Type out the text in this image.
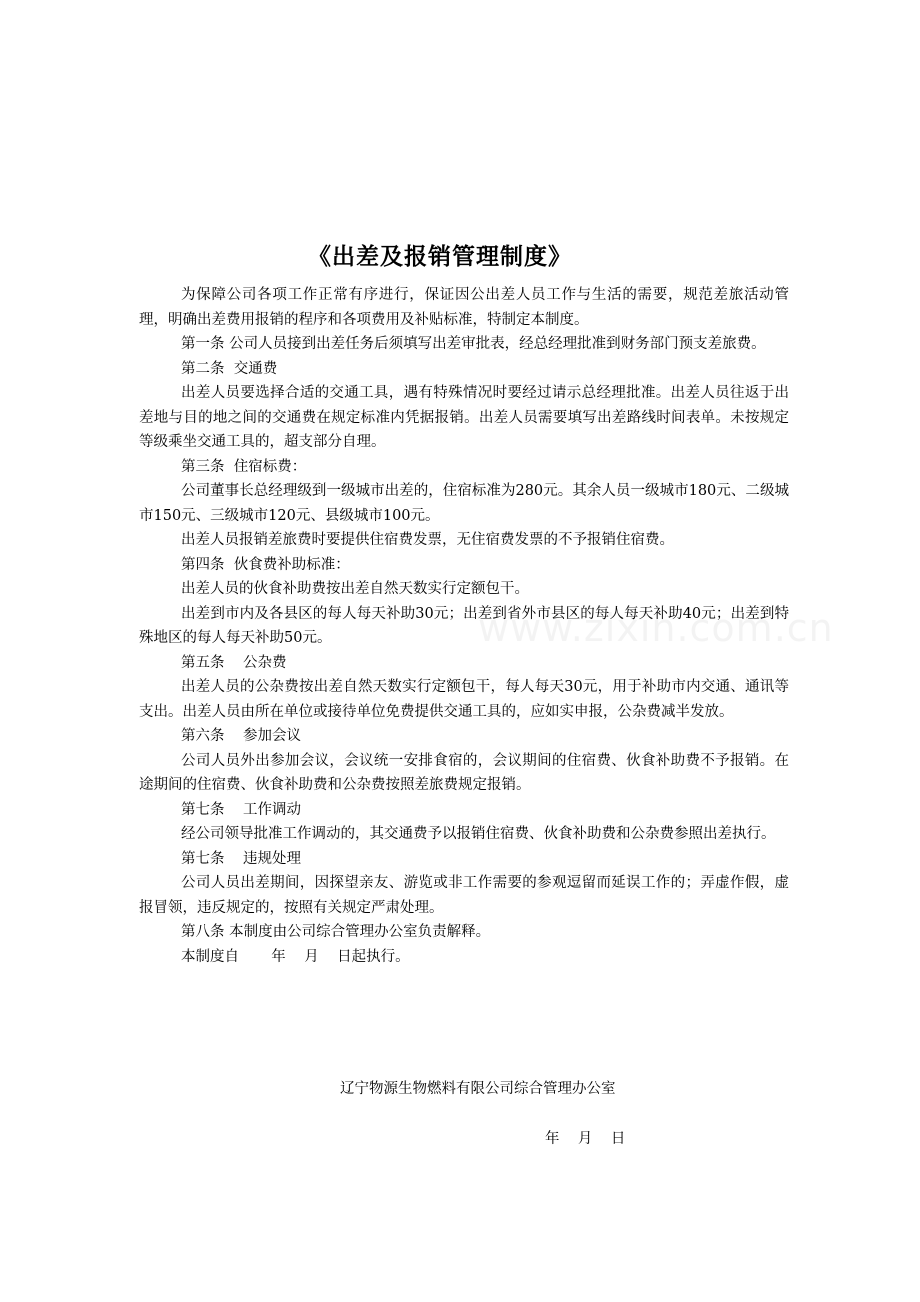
《出差及报销管理制度》

为保障公司各项工作正常有序进行，保证因公出差人员工作与生活的需要，规范差旅活动管理，明确出差费用报销的程序和各项费用及补贴标准，特制定本制度。

第一条 公司人员接到出差任务后须填写出差审批表，经总经理批准到财务部门预支差旅费。

第二条  交通费

出差人员要选择合适的交通工具，遇有特殊情况时要经过请示总经理批准。出差人员往返于出差地与目的地之间的交通费在规定标准内凭据报销。出差人员需要填写出差路线时间表单。未按规定等级乘坐交通工具的，超支部分自理。

第三条  住宿标费：

公司董事长总经理级到一级城市出差的，住宿标准为280元。其余人员一级城市180元、二级城市150元、三级城市120元、县级城市100元。

出差人员报销差旅费时要提供住宿费发票，无住宿费发票的不予报销住宿费。

第四条  伙食费补助标准：

出差人员的伙食补助费按出差自然天数实行定额包干。

出差到市内及各县区的每人每天补助30元；出差到省外市县区的每人每天补助40元；出差到特殊地区的每人每天补助50元。

第五条    公杂费

出差人员的公杂费按出差自然天数实行定额包干，每人每天30元，用于补助市内交通、通讯等支出。出差人员由所在单位或接待单位免费提供交通工具的，应如实申报，公杂费减半发放。

第六条    参加会议

公司人员外出参加会议，会议统一安排食宿的，会议期间的住宿费、伙食补助费不予报销。在途期间的住宿费、伙食补助费和公杂费按照差旅费规定报销。

第七条    工作调动

经公司领导批准工作调动的，其交通费予以报销住宿费、伙食补助费和公杂费参照出差执行。

第七条    违规处理

公司人员出差期间，因探望亲友、游览或非工作需要的参观逗留而延误工作的；弄虚作假，虚报冒领，违反规定的，按照有关规定严肃处理。

第八条 本制度由公司综合管理办公室负责解释。

本制度自       年    月    日起执行。

辽宁物源生物燃料有限公司综合管理办公室
年    月    日
